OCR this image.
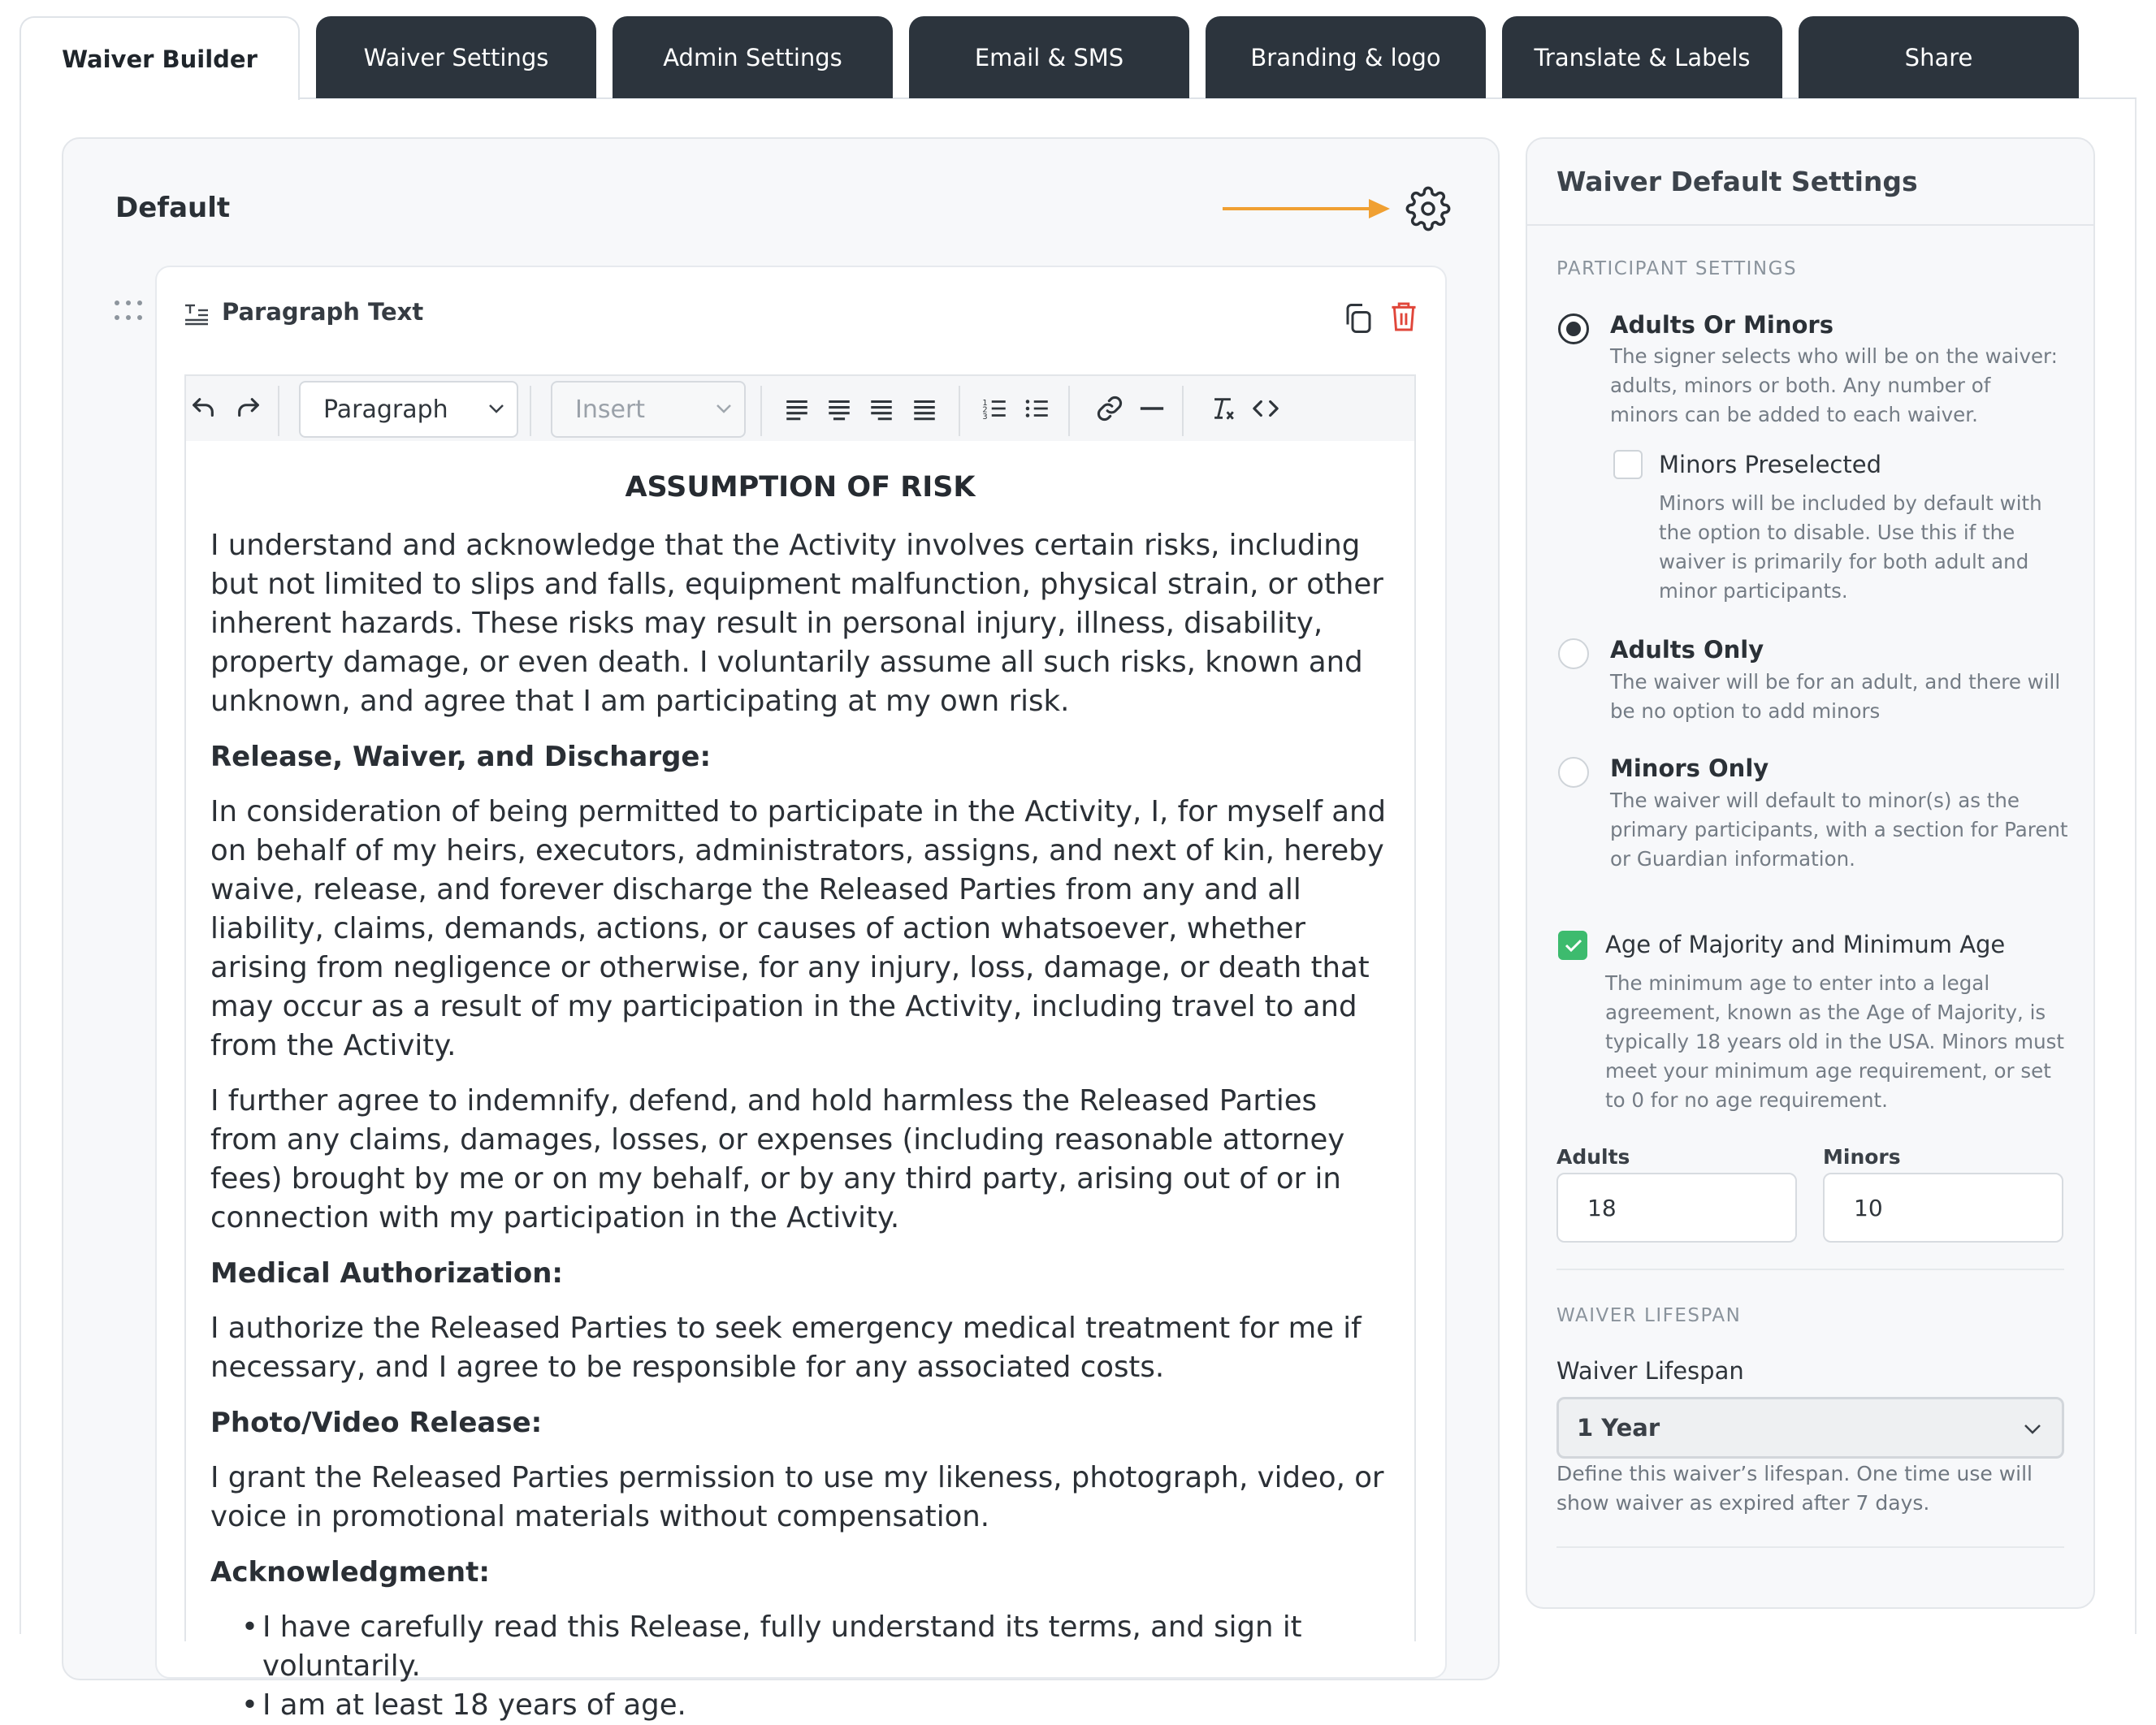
Waiver Builder	Waiver Settings	Admin Settings	Email & SMS	Branding & logo	Translate & Labels	Share
Default
Paragraph Text
Paragraph	Insert	1
2
3
ASSUMPTION OF RISK

I understand and acknowledge that the Activity involves certain risks, including but not limited to slips and falls, equipment malfunction, physical strain, or other inherent hazards. These risks may result in personal injury, illness, disability, property damage, or even death. I voluntarily assume all such risks, known and unknown, and agree that I am participating at my own risk.

Release, Waiver, and Discharge:

In consideration of being permitted to participate in the Activity, I, for myself and on behalf of my heirs, executors, administrators, assigns, and next of kin, hereby waive, release, and forever discharge the Released Parties from any and all liability, claims, demands, actions, or causes of action whatsoever, whether arising from negligence or otherwise, for any injury, loss, damage, or death that may occur as a result of my participation in the Activity, including travel to and from the Activity.

I further agree to indemnify, defend, and hold harmless the Released Parties from any claims, damages, losses, or expenses (including reasonable attorney fees) brought by me or on my behalf, or by any third party, arising out of or in connection with my participation in the Activity.

Medical Authorization:

I authorize the Released Parties to seek emergency medical treatment for me if necessary, and I agree to be responsible for any associated costs.

Photo/Video Release:

I grant the Released Parties permission to use my likeness, photograph, video, or voice in promotional materials without compensation.

Acknowledgment:
• I have carefully read this Release, fully understand its terms, and sign it voluntarily.
• I am at least 18 years of age.
Waiver Default Settings
PARTICIPANT SETTINGS
Adults Or Minors
The signer selects who will be on the waiver: adults, minors or both. Any number of minors can be added to each waiver.
Minors Preselected
Minors will be included by default with the option to disable. Use this if the waiver is primarily for both adult and minor participants.
Adults Only
The waiver will be for an adult, and there will be no option to add minors
Minors Only
The waiver will default to minor(s) as the primary participants, with a section for Parent or Guardian information.
Age of Majority and Minimum Age
The minimum age to enter into a legal agreement, known as the Age of Majority, is typically 18 years old in the USA. Minors must meet your minimum age requirement, or set to 0 for no age requirement.
Adults	Minors
18	10
WAIVER LIFESPAN
Waiver Lifespan
1 Year
Define this waiver’s lifespan. One time use will show waiver as expired after 7 days.
